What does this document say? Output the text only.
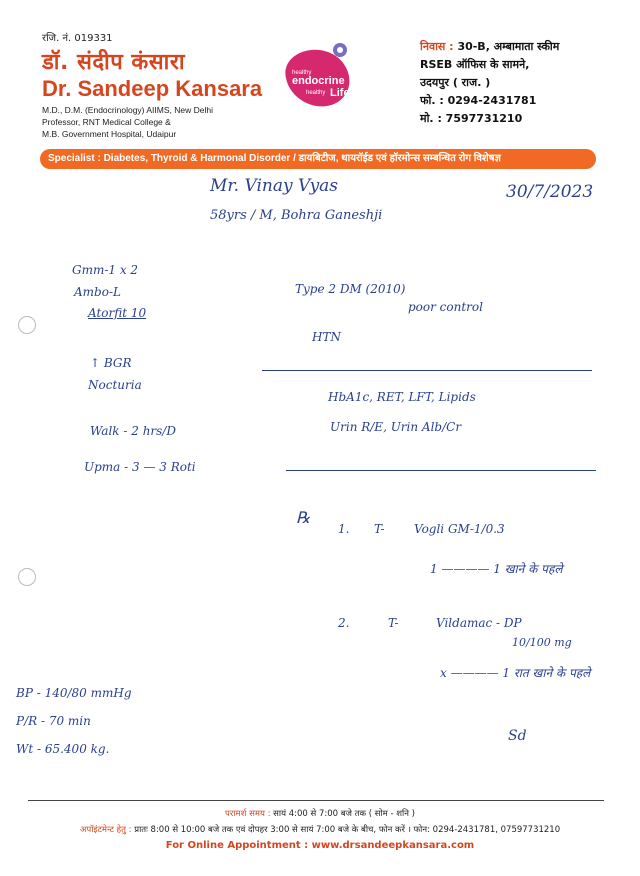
रजि. नं. 019331
डॉ. संदीप कंसारा
Dr. Sandeep Kansara
M.D., D.M. (Endocrinology) AIIMS, New Delhi
Professor, RNT Medical College &
M.B. Government Hospital, Udaipur
healthy
endocrine
healthy Life
निवास : 30-B, अम्बामाता स्कीम
RSEB ऑफिस के सामने,
उदयपुर ( राज. )
फो. : 0294-2431781
मो. : 7597731210
Specialist : Diabetes, Thyroid & Harmonal Disorder / डायबिटीज, थायरॉईड एवं हॉरमोन्स सम्बन्धित रोग विशेषज्ञ
Mr. Vinay Vyas	30/7/2023
58yrs / M, Bohra Ganeshji
Gmm-1 x 2
Ambo-L
Atorfit 10
↑ BGR
Nocturia
Walk - 2 hrs/D
Upma - 3 — 3 Roti
Type 2 DM (2010)
poor control
HTN
HbA1c, RET, LFT, Lipids
Urin R/E, Urin Alb/Cr
℞
1. T- Vogli GM-1/0.3
1 ———— 1 खाने के पहले
2.	T-	Vildamac - DP
10/100 mg
x ———— 1 रात खाने के पहले
BP - 140/80 mmHg
P/R - 70 min
Wt - 65.400 kg.
Sd
परामर्श समय : सायं 4:00 से 7:00 बजे तक ( सोम - शनि )
अपॉइंटमेन्ट हेतु : प्रातः 8:00 से 10:00 बजे तक एवं दोपहर 3:00 से सायं 7:00 बजे के बीच, फोन करें । फोन: 0294-2431781, 07597731210
For Online Appointment : www.drsandeepkansara.com
